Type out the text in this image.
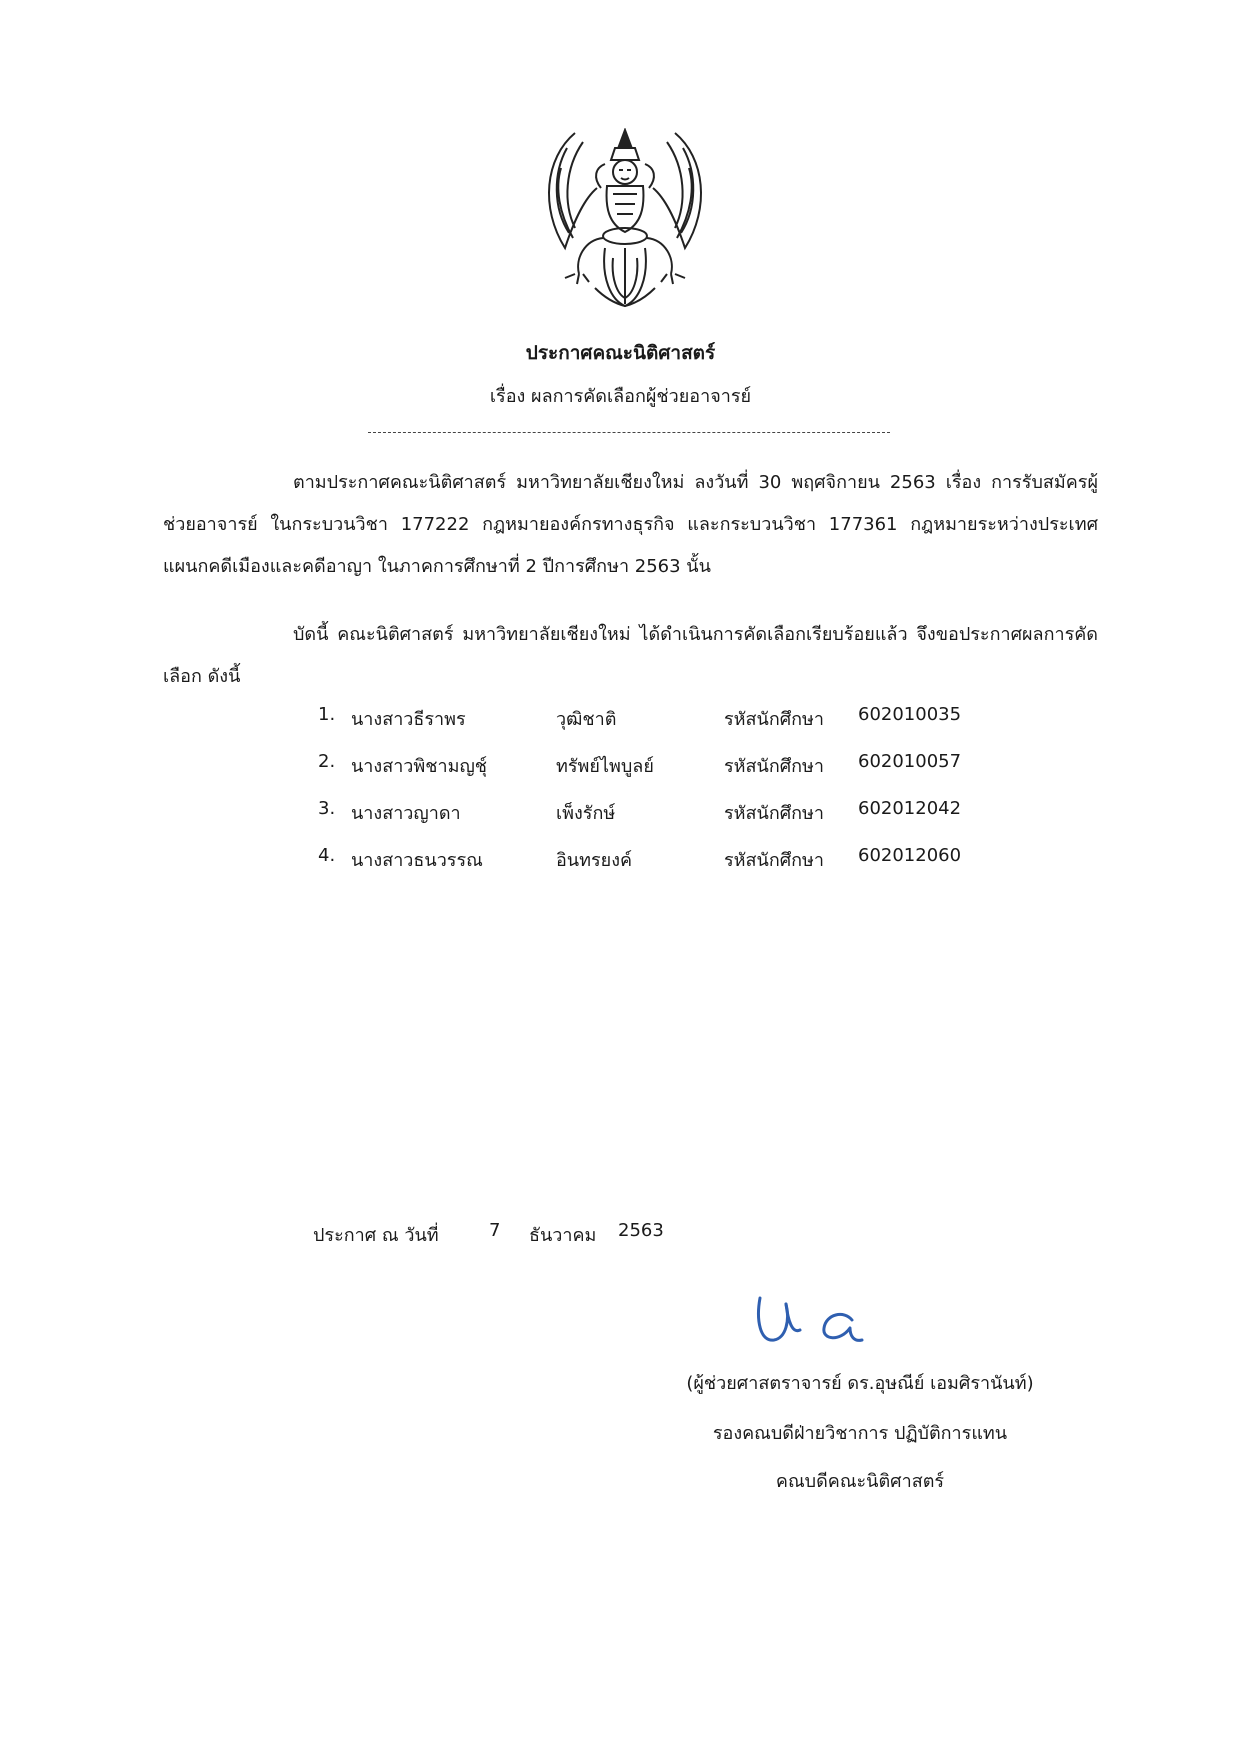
ประกาศคณะนิติศาสตร์
เรื่อง ผลการคัดเลือกผู้ช่วยอาจารย์
ตามประกาศคณะนิติศาสตร์ มหาวิทยาลัยเชียงใหม่ ลงวันที่ 30 พฤศจิกายน 2563 เรื่อง การรับสมัครผู้ช่วยอาจารย์ ในกระบวนวิชา 177222 กฎหมายองค์กรทางธุรกิจ และกระบวนวิชา 177361 กฎหมายระหว่างประเทศแผนกคดีเมืองและคดีอาญา ในภาคการศึกษาที่ 2 ปีการศึกษา 2563 นั้น
บัดนี้ คณะนิติศาสตร์ มหาวิทยาลัยเชียงใหม่ ได้ดำเนินการคัดเลือกเรียบร้อยแล้ว จึงขอประกาศผลการคัดเลือก ดังนี้
1. นางสาวธีราพร	วุฒิชาติ	รหัสนักศึกษา 602010035
2. นางสาวพิชามญชุ์	ทรัพย์ไพบูลย์	รหัสนักศึกษา 602010057
3. นางสาวญาดา	เพ็งรักษ์	รหัสนักศึกษา 602012042
4. นางสาวธนวรรณ	อินทรยงค์	รหัสนักศึกษา 602012060
ประกาศ ณ วันที่	7 ธันวาคม 2563
(ผู้ช่วยศาสตราจารย์ ดร.อุษณีย์ เอมศิรานันท์)
รองคณบดีฝ่ายวิชาการ ปฏิบัติการแทน
คณบดีคณะนิติศาสตร์
